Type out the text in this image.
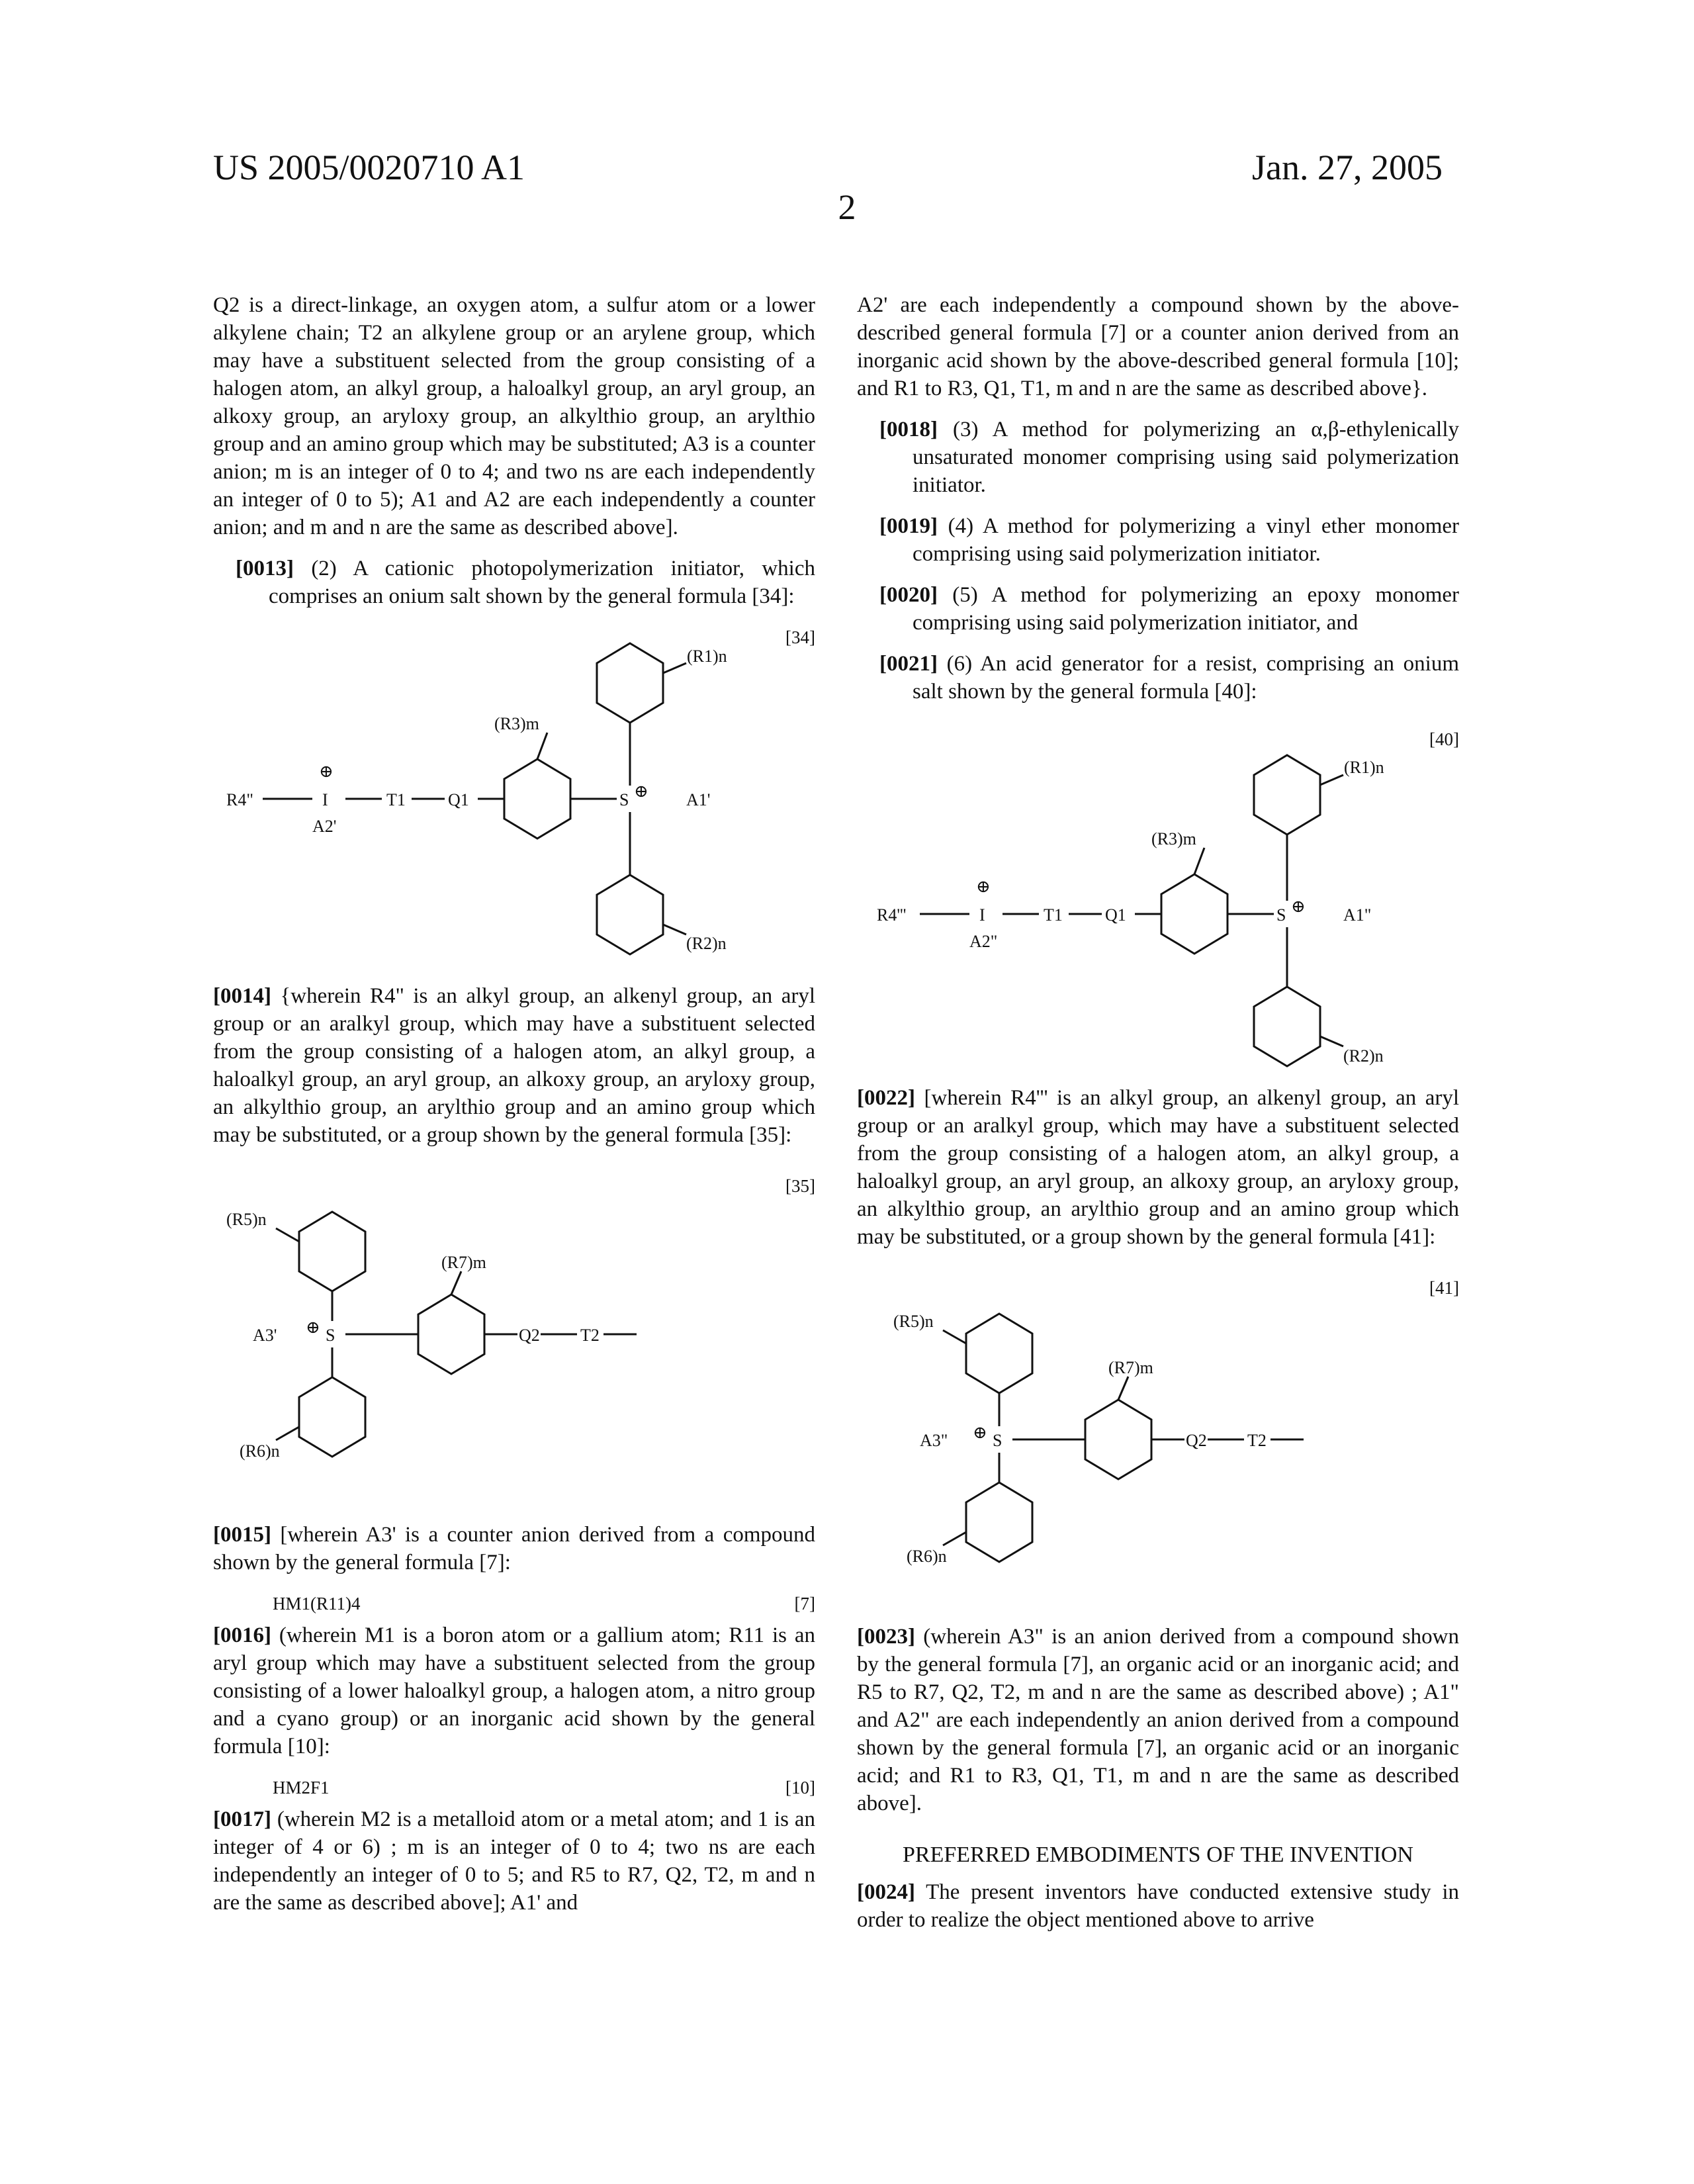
US 2005/0020710 A1	Jan. 27, 2005
2

Q2 is a direct-linkage, an oxygen atom, a sulfur atom or a lower alkylene chain; T2 an alkylene group or an arylene group, which may have a substituent selected from the group consisting of a halogen atom, an alkyl group, a haloalkyl group, an aryl group, an alkoxy group, an aryloxy group, an alkylthio group, an arylthio group and an amino group which may be substituted; A3 is a counter anion; m is an integer of 0 to 4; and two ns are each independently an integer of 0 to 5); A1 and A2 are each independently a counter anion; and m and n are the same as described above].

[0013] (2) A cationic photopolymerization initiator, which comprises an onium salt shown by the general formula [34]:

[34]
(R1)n
(R3)m
(R2)n
R4"	I
⊕
T1 Q1	S ⊕ A1'
A2'

[0014] {wherein R4" is an alkyl group, an alkenyl group, an aryl group or an aralkyl group, which may have a substituent selected from the group consisting of a halogen atom, an alkyl group, a haloalkyl group, an aryl group, an alkoxy group, an aryloxy group, an alkylthio group, an arylthio group and an amino group which may be substituted, or a group shown by the general formula [35]:

[35]
(R5)n
(R7)m
(R6)n
A3' ⊕ S	Q2 T2

[0015] [wherein A3' is a counter anion derived from a compound shown by the general formula [7]:

HM1(R11)4	[7]

[0016] (wherein M1 is a boron atom or a gallium atom; R11 is an aryl group which may have a substituent selected from the group consisting of a lower haloalkyl group, a halogen atom, a nitro group and a cyano group) or an inorganic acid shown by the general formula [10]:

HM2F1	[10]

[0017] (wherein M2 is a metalloid atom or a metal atom; and 1 is an integer of 4 or 6) ; m is an integer of 0 to 4; two ns are each independently an integer of 0 to 5; and R5 to R7, Q2, T2, m and n are the same as described above]; A1' and

A2' are each independently a compound shown by the above-described general formula [7] or a counter anion derived from an inorganic acid shown by the above-described general formula [10]; and R1 to R3, Q1, T1, m and n are the same as described above}.

[0018] (3) A method for polymerizing an α,β-ethylenically unsaturated monomer comprising using said polymerization initiator.

[0019] (4) A method for polymerizing a vinyl ether monomer comprising using said polymerization initiator.

[0020] (5) A method for polymerizing an epoxy monomer comprising using said polymerization initiator, and

[0021] (6) An acid generator for a resist, comprising an onium salt shown by the general formula [40]:

[40]
(R1)n
(R3)m
(R2)n
R4'''	I
⊕
T1 Q1	S ⊕ A1"
A2"

[0022] [wherein R4''' is an alkyl group, an alkenyl group, an aryl group or an aralkyl group, which may have a substituent selected from the group consisting of a halogen atom, an alkyl group, a haloalkyl group, an aryl group, an alkoxy group, an aryloxy group, an alkylthio group, an arylthio group and an amino group which may be substituted, or a group shown by the general formula [41]:

[41]
(R5)n
(R7)m
(R6)n
A3" ⊕ S	Q2 T2

[0023] (wherein A3" is an anion derived from a compound shown by the general formula [7], an organic acid or an inorganic acid; and R5 to R7, Q2, T2, m and n are the same as described above) ; A1" and A2" are each independently an anion derived from a compound shown by the general formula [7], an organic acid or an inorganic acid; and R1 to R3, Q1, T1, m and n are the same as described above].

PREFERRED EMBODIMENTS OF THE INVENTION

[0024] The present inventors have conducted extensive study in order to realize the object mentioned above to arrive
